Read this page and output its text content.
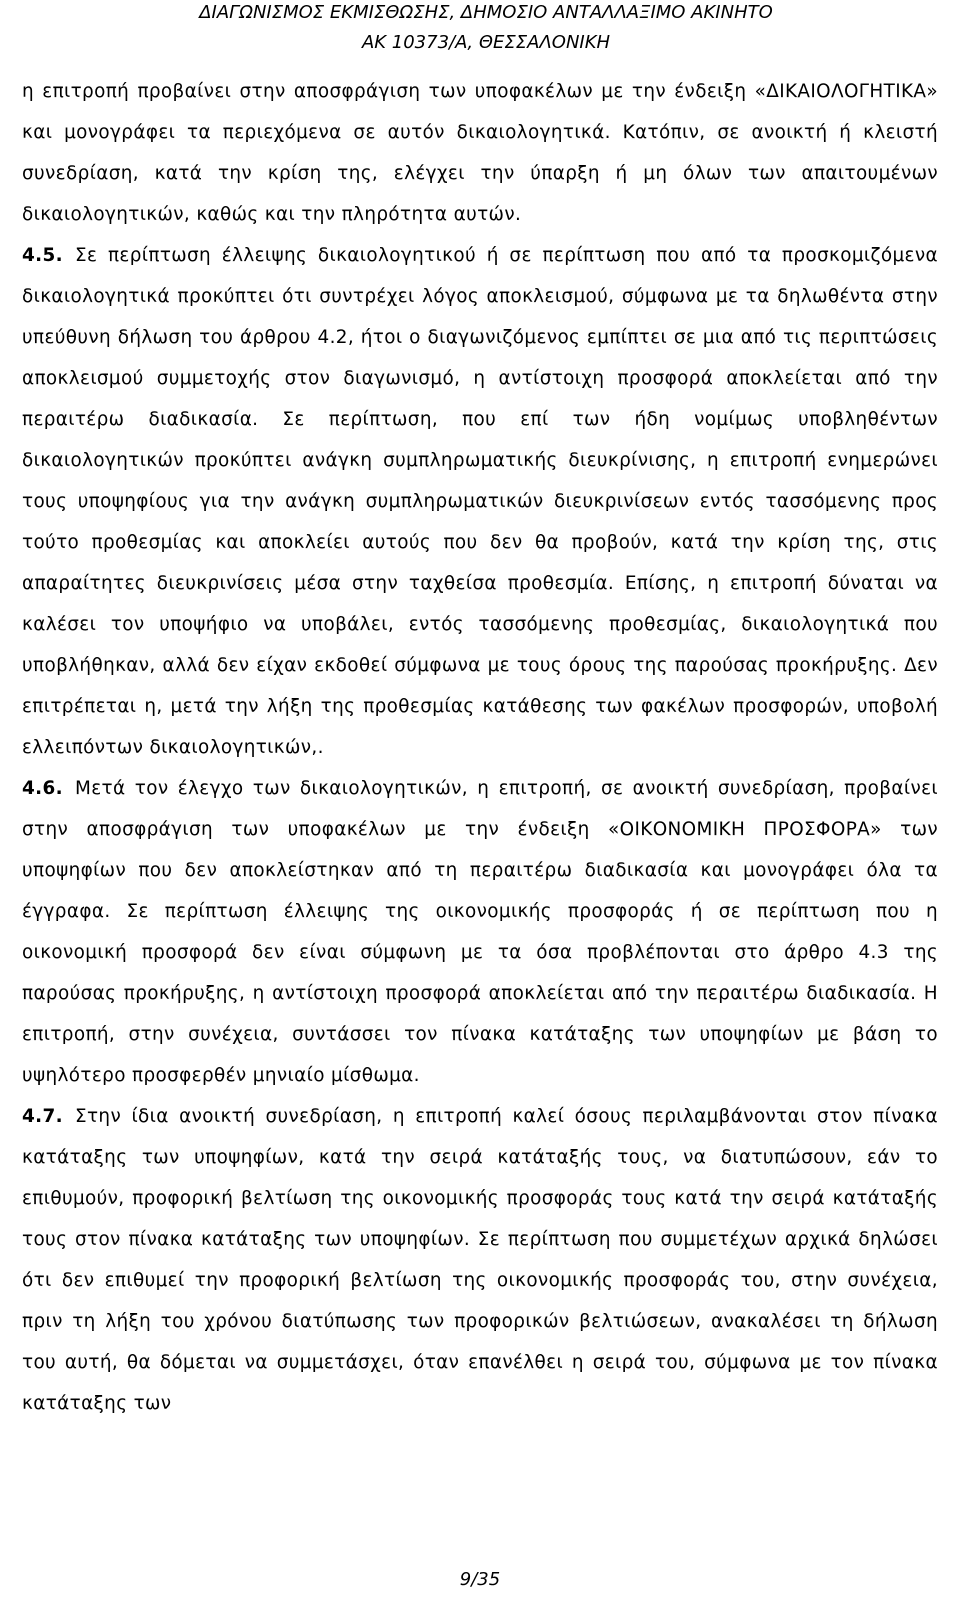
ΔΙΑΓΩΝΙΣΜΟΣ ΕΚΜΙΣΘΩΣΗΣ, ΔΗΜΟΣΙΟ ΑΝΤΑΛΛΑΞΙΜΟ ΑΚΙΝΗΤΟ
ΑΚ 10373/Α, ΘΕΣΣΑΛΟΝΙΚΗ

η επιτροπή προβαίνει στην αποσφράγιση των υποφακέλων με την ένδειξη «ΔΙΚΑΙΟΛΟΓΗΤΙΚΑ» και μονογράφει τα περιεχόμενα σε αυτόν δικαιολογητικά. Κατόπιν, σε ανοικτή ή κλειστή συνεδρίαση, κατά την κρίση της, ελέγχει την ύπαρξη ή μη όλων των απαιτουμένων δικαιολογητικών, καθώς και την πληρότητα αυτών.

4.5. Σε περίπτωση έλλειψης δικαιολογητικού ή σε περίπτωση που από τα προσκομιζόμενα δικαιολογητικά προκύπτει ότι συντρέχει λόγος αποκλεισμού, σύμφωνα με τα δηλωθέντα στην υπεύθυνη δήλωση του άρθρου 4.2, ήτοι ο διαγωνιζόμενος εμπίπτει σε μια από τις περιπτώσεις αποκλεισμού συμμετοχής στον διαγωνισμό, η αντίστοιχη προσφορά αποκλείεται από την περαιτέρω διαδικασία. Σε περίπτωση, που επί των ήδη νομίμως υποβληθέντων δικαιολογητικών προκύπτει ανάγκη συμπληρωματικής διευκρίνισης, η επιτροπή ενημερώνει τους υποψηφίους για την ανάγκη συμπληρωματικών διευκρινίσεων εντός τασσόμενης προς τούτο προθεσμίας και αποκλείει αυτούς που δεν θα προβούν, κατά την κρίση της, στις απαραίτητες διευκρινίσεις μέσα στην ταχθείσα προθεσμία. Επίσης, η επιτροπή δύναται να καλέσει τον υποψήφιο να υποβάλει, εντός τασσόμενης προθεσμίας, δικαιολογητικά που υποβλήθηκαν, αλλά δεν είχαν εκδοθεί σύμφωνα με τους όρους της παρούσας προκήρυξης. Δεν επιτρέπεται η, μετά την λήξη της προθεσμίας κατάθεσης των φακέλων προσφορών, υποβολή ελλειπόντων δικαιολογητικών,.

4.6. Μετά τον έλεγχο των δικαιολογητικών, η επιτροπή, σε ανοικτή συνεδρίαση, προβαίνει στην αποσφράγιση των υποφακέλων με την ένδειξη «ΟΙΚΟΝΟΜΙΚΗ ΠΡΟΣΦΟΡΑ» των υποψηφίων που δεν αποκλείστηκαν από τη περαιτέρω διαδικασία και μονογράφει όλα τα έγγραφα. Σε περίπτωση έλλειψης της οικονομικής προσφοράς ή σε περίπτωση που η οικονομική προσφορά δεν είναι σύμφωνη με τα όσα προβλέπονται στο άρθρο 4.3 της παρούσας προκήρυξης, η αντίστοιχη προσφορά αποκλείεται από την περαιτέρω διαδικασία. Η επιτροπή, στην συνέχεια, συντάσσει τον πίνακα κατάταξης των υποψηφίων με βάση το υψηλότερο προσφερθέν μηνιαίο μίσθωμα.

4.7. Στην ίδια ανοικτή συνεδρίαση, η επιτροπή καλεί όσους περιλαμβάνονται στον πίνακα κατάταξης των υποψηφίων, κατά την σειρά κατάταξής τους, να διατυπώσουν, εάν το επιθυμούν, προφορική βελτίωση της οικονομικής προσφοράς τους κατά την σειρά κατάταξής τους στον πίνακα κατάταξης των υποψηφίων. Σε περίπτωση που συμμετέχων αρχικά δηλώσει ότι δεν επιθυμεί την προφορική βελτίωση της οικονομικής προσφοράς του, στην συνέχεια, πριν τη λήξη του χρόνου διατύπωσης των προφορικών βελτιώσεων, ανακαλέσει τη δήλωση του αυτή, θα δόμεται να συμμετάσχει, όταν επανέλθει η σειρά του, σύμφωνα με τον πίνακα κατάταξης των

9/35
